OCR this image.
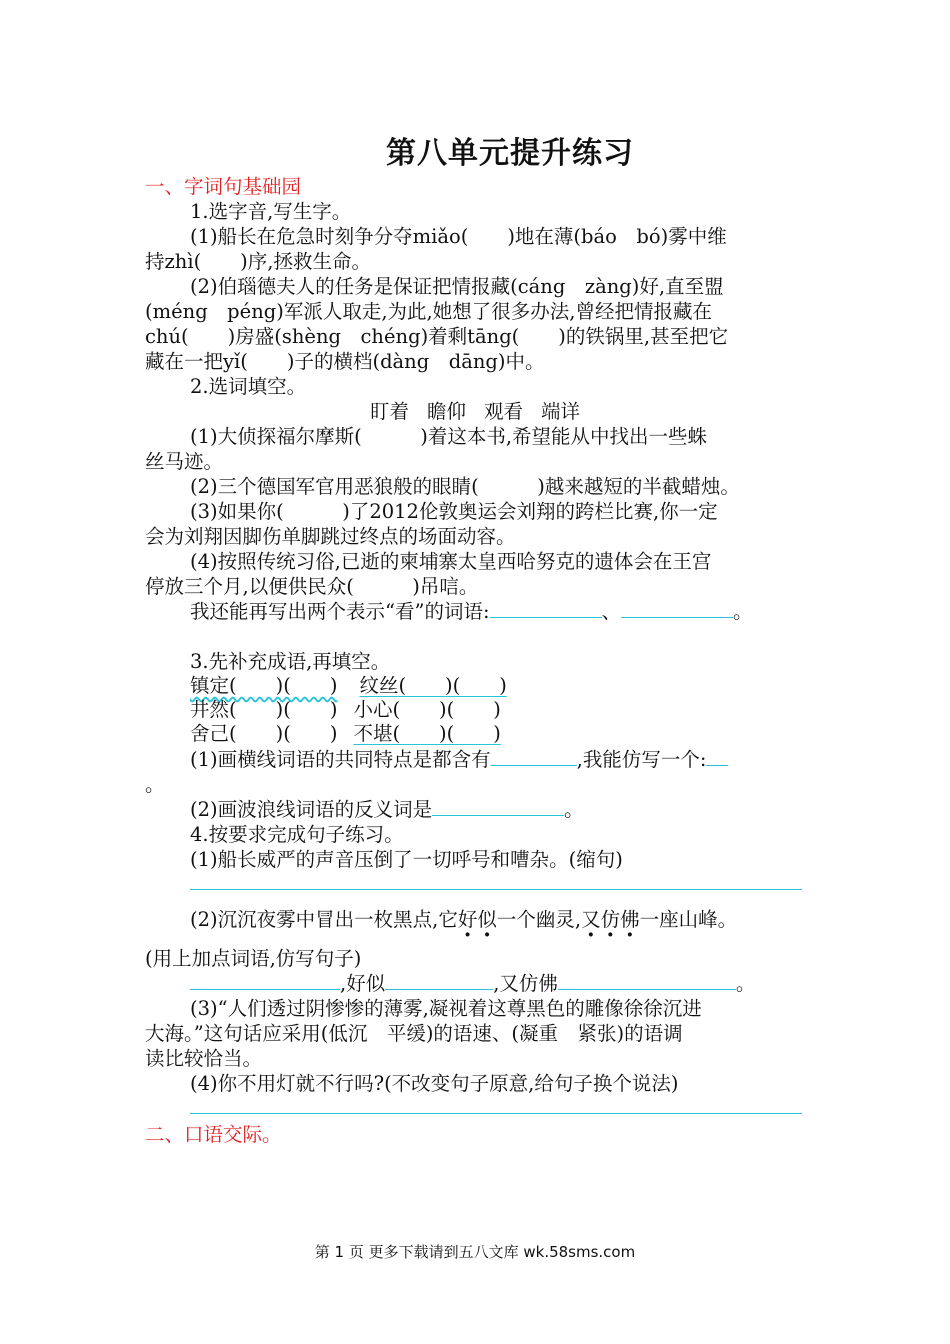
第八单元提升练习
一、字词句基础园
1.选字音,写生字。
(1)船长在危急时刻争分夺miǎo(　　)地在薄(báo　bó)雾中维
持zhì(　　)序,拯救生命。
(2)伯瑙德夫人的任务是保证把情报藏(cáng　zàng)好,直至盟
(méng　péng)军派人取走,为此,她想了很多办法,曾经把情报藏在
chú(　　)房盛(shèng　chéng)着剩tāng(　　)的铁锅里,甚至把它
藏在一把yǐ(　　)子的横档(dàng　dāng)中。
2.选词填空。
盯着 瞻仰 观看 端详
(1)大侦探福尔摩斯(　　　)着这本书,希望能从中找出一些蛛
丝马迹。
(2)三个德国军官用恶狼般的眼睛(　　　)越来越短的半截蜡烛。
(3)如果你(　　　)了2012伦敦奥运会刘翔的跨栏比赛,你一定
会为刘翔因脚伤单脚跳过终点的场面动容。
(4)按照传统习俗,已逝的柬埔寨太皇西哈努克的遗体会在王宫
停放三个月,以便供民众(　　　)吊唁。
我还能再写出两个表示“看”的词语:	、	。
3.先补充成语,再填空。
镇定(　　)(　　) 纹丝(　　)(　　)
井然(　　)(　　) 小心(　　)(　　)
舍己(　　)(　　) 不堪(　　)(　　)
(1)画横线词语的共同特点是都含有	,我能仿写一个:
。
(2)画波浪线词语的反义词是	。
4.按要求完成句子练习。
(1)船长威严的声音压倒了一切呼号和嘈杂。(缩句)
(2)沉沉夜雾中冒出一枚黑点,它好似一个幽灵,又仿佛一座山峰。
(用上加点词语,仿写句子)
,好似	,又仿佛	。
(3)“人们透过阴惨惨的薄雾,凝视着这尊黑色的雕像徐徐沉进
大海。”这句话应采用(低沉　平缓)的语速、(凝重　紧张)的语调
读比较恰当。
(4)你不用灯就不行吗?(不改变句子原意,给句子换个说法)
二、口语交际。
第 1 页 更多下载请到五八文库 wk.58sms.com
